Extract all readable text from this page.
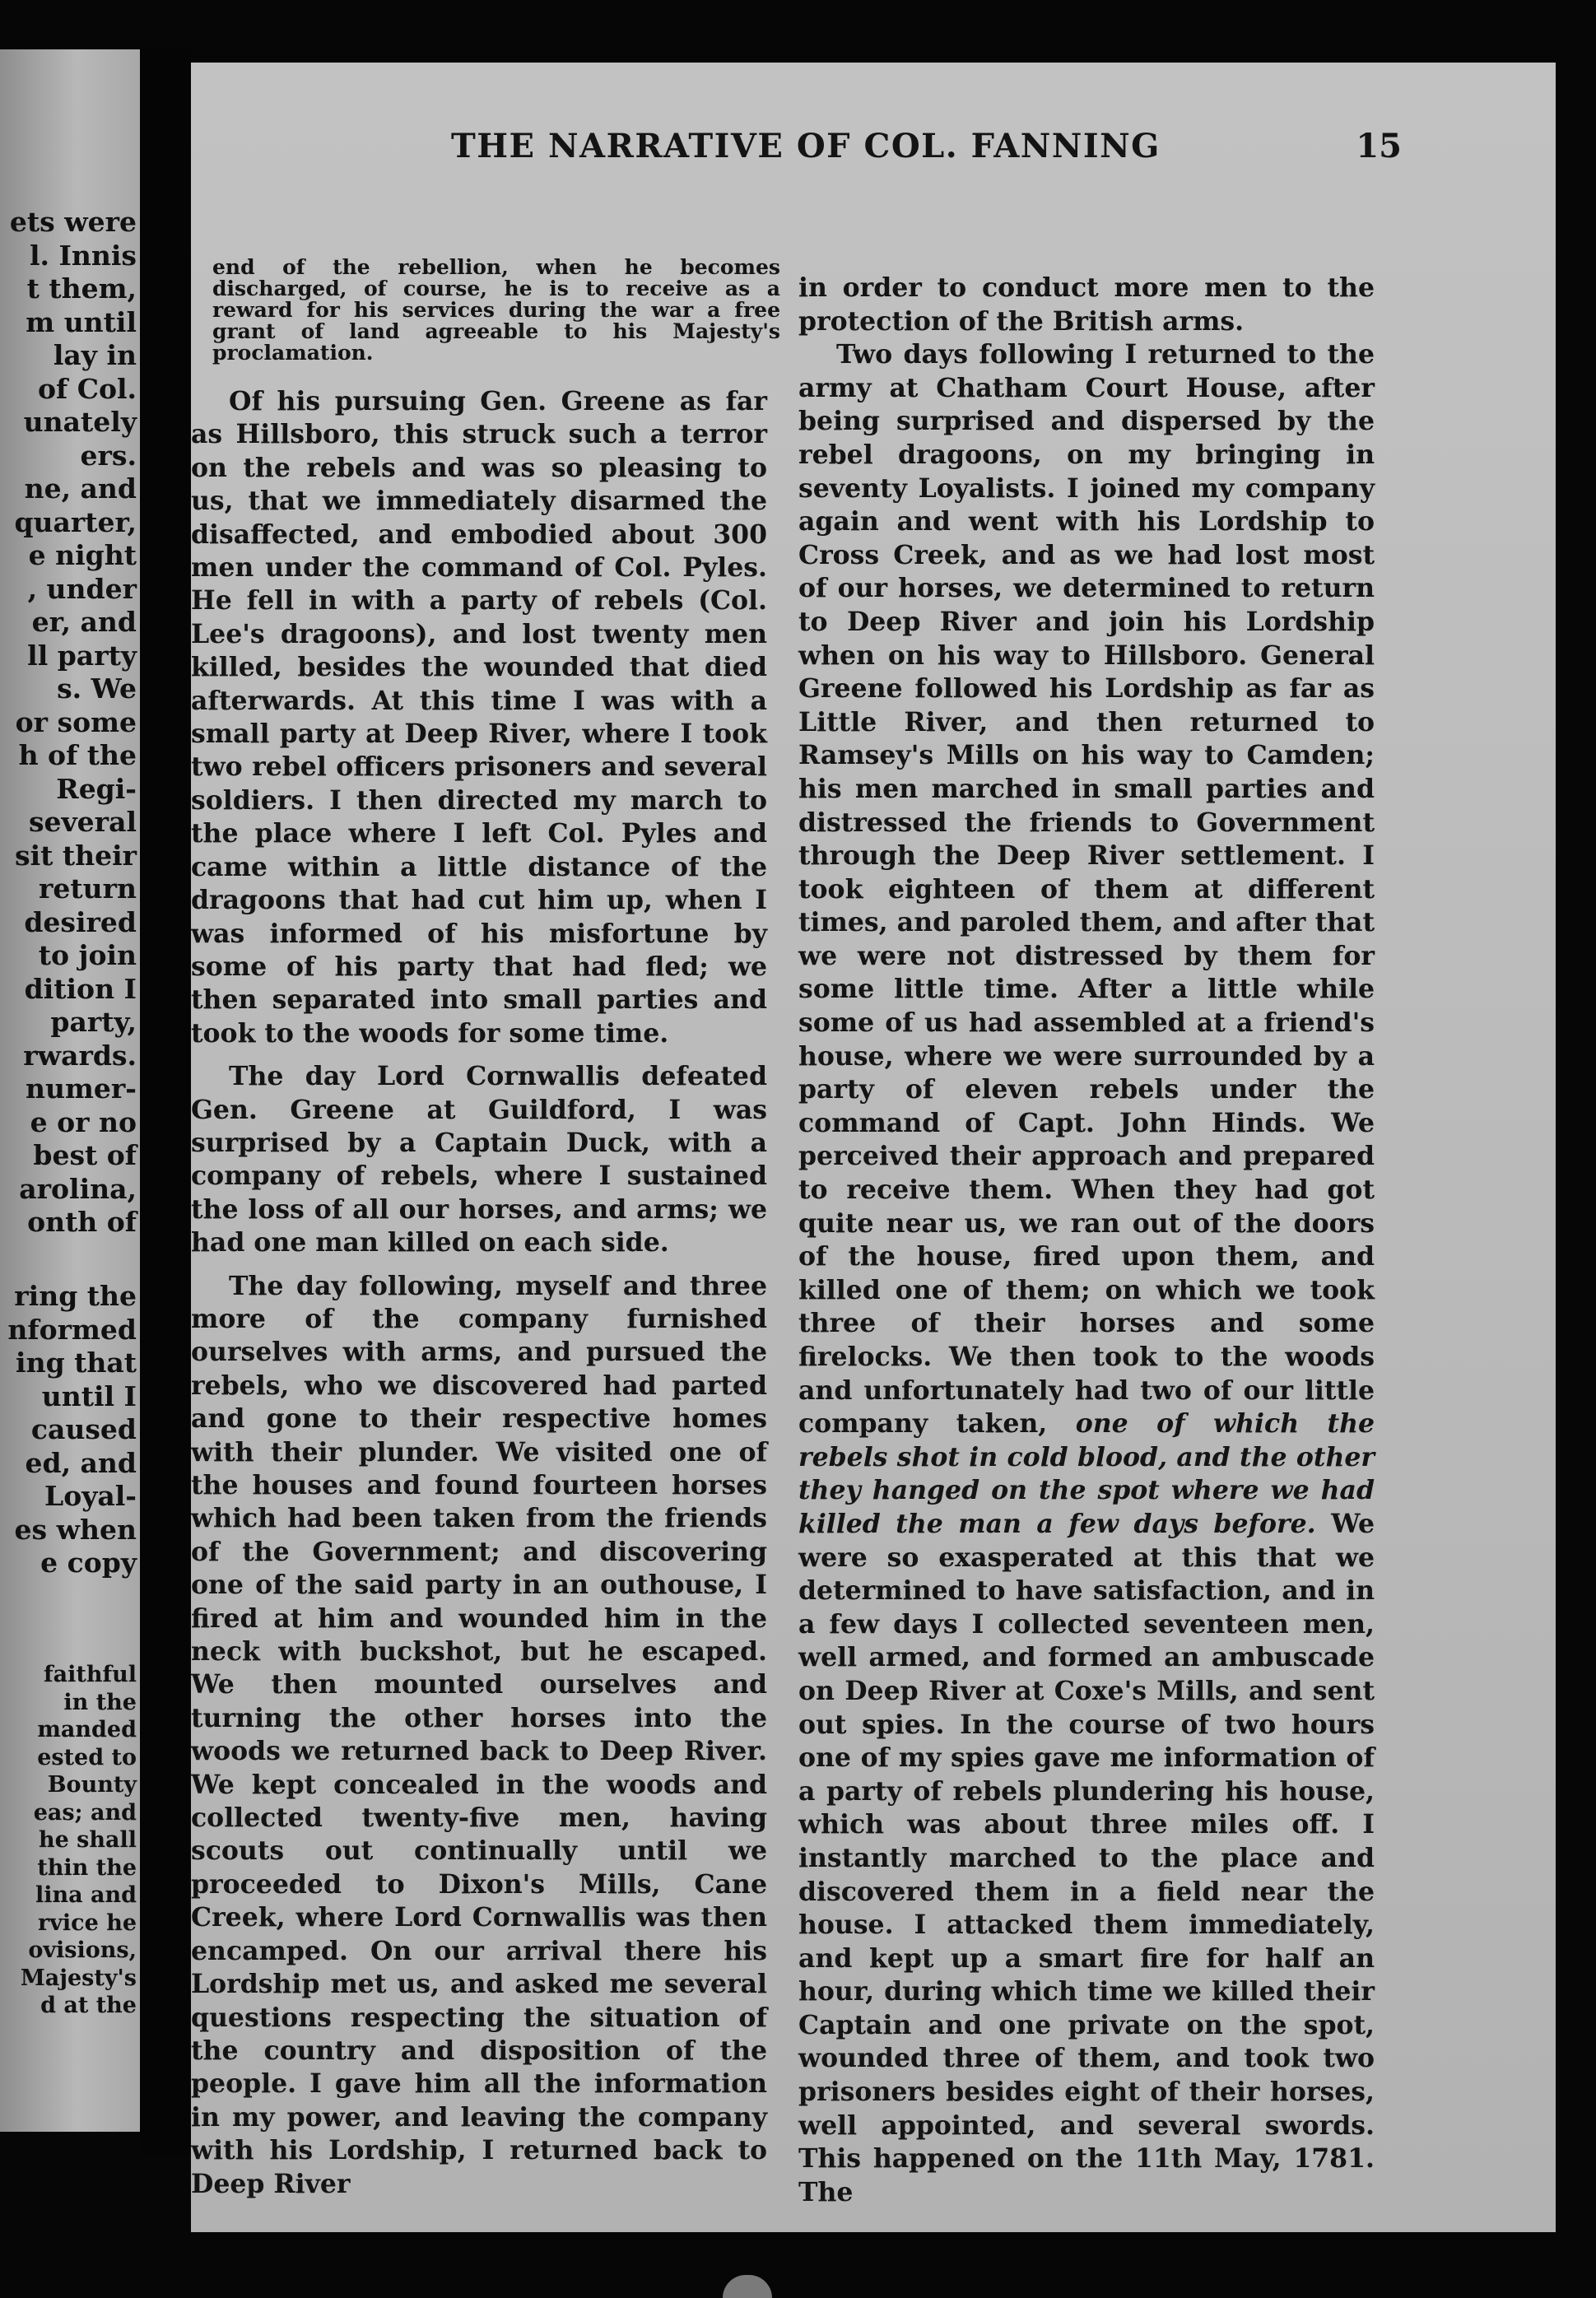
ets were
l. Innis
t them,
m until
lay in
of Col.
unately
ers.
ne, and
quarter,
e night
, under
er, and
ll party
s. We
or some
h of the
Regi-
several
sit their
return
desired
to join
dition I
party,
rwards.
numer-
e or no
best of
arolina,
onth of
ring the
nformed
ing that
until I
caused
ed, and
Loyal-
es when
e copy
faithful
in the
manded
ested to
Bounty
eas; and
he shall
thin the
lina and
rvice he
ovisions,
Majesty's
d at the
THE NARRATIVE OF COL. FANNING	15

end of the rebellion, when he becomes discharged, of course, he is to receive as a reward for his services during the war a free grant of land agreeable to his Majesty's proclamation.

Of his pursuing Gen. Greene as far as Hillsboro, this struck such a terror on the rebels and was so pleasing to us, that we immediately disarmed the disaffected, and embodied about 300 men under the command of Col. Pyles. He fell in with a party of rebels (Col. Lee's dragoons), and lost twenty men killed, besides the wounded that died afterwards. At this time I was with a small party at Deep River, where I took two rebel officers prisoners and several soldiers. I then directed my march to the place where I left Col. Pyles and came within a little distance of the dragoons that had cut him up, when I was informed of his misfortune by some of his party that had fled; we then separated into small parties and took to the woods for some time.

The day Lord Cornwallis defeated Gen. Greene at Guildford, I was surprised by a Captain Duck, with a company of rebels, where I sustained the loss of all our horses, and arms; we had one man killed on each side.

The day following, myself and three more of the company furnished ourselves with arms, and pursued the rebels, who we discovered had parted and gone to their respective homes with their plunder. We visited one of the houses and found fourteen horses which had been taken from the friends of the Government; and discovering one of the said party in an outhouse, I fired at him and wounded him in the neck with buckshot, but he escaped. We then mounted ourselves and turning the other horses into the woods we returned back to Deep River. We kept concealed in the woods and collected twenty-five men, having scouts out continually until we proceeded to Dixon's Mills, Cane Creek, where Lord Cornwallis was then encamped. On our arrival there his Lordship met us, and asked me several questions respecting the situation of the country and disposition of the people. I gave him all the information in my power, and leaving the company with his Lordship, I returned back to Deep River

in order to conduct more men to the protection of the British arms.

Two days following I returned to the army at Chatham Court House, after being surprised and dispersed by the rebel dragoons, on my bringing in seventy Loyalists. I joined my company again and went with his Lordship to Cross Creek, and as we had lost most of our horses, we determined to return to Deep River and join his Lordship when on his way to Hillsboro. General Greene followed his Lordship as far as Little River, and then returned to Ramsey's Mills on his way to Camden; his men marched in small parties and distressed the friends to Government through the Deep River settlement. I took eighteen of them at different times, and paroled them, and after that we were not distressed by them for some little time. After a little while some of us had assembled at a friend's house, where we were surrounded by a party of eleven rebels under the command of Capt. John Hinds. We perceived their approach and prepared to receive them. When they had got quite near us, we ran out of the doors of the house, fired upon them, and killed one of them; on which we took three of their horses and some firelocks. We then took to the woods and unfortunately had two of our little company taken, one of which the rebels shot in cold blood, and the other they hanged on the spot where we had killed the man a few days before. We were so exasperated at this that we determined to have satisfaction, and in a few days I collected seventeen men, well armed, and formed an ambuscade on Deep River at Coxe's Mills, and sent out spies. In the course of two hours one of my spies gave me information of a party of rebels plundering his house, which was about three miles off. I instantly marched to the place and discovered them in a field near the house. I attacked them immediately, and kept up a smart fire for half an hour, during which time we killed their Captain and one private on the spot, wounded three of them, and took two prisoners besides eight of their horses, well appointed, and several swords. This happened on the 11th May, 1781. The
